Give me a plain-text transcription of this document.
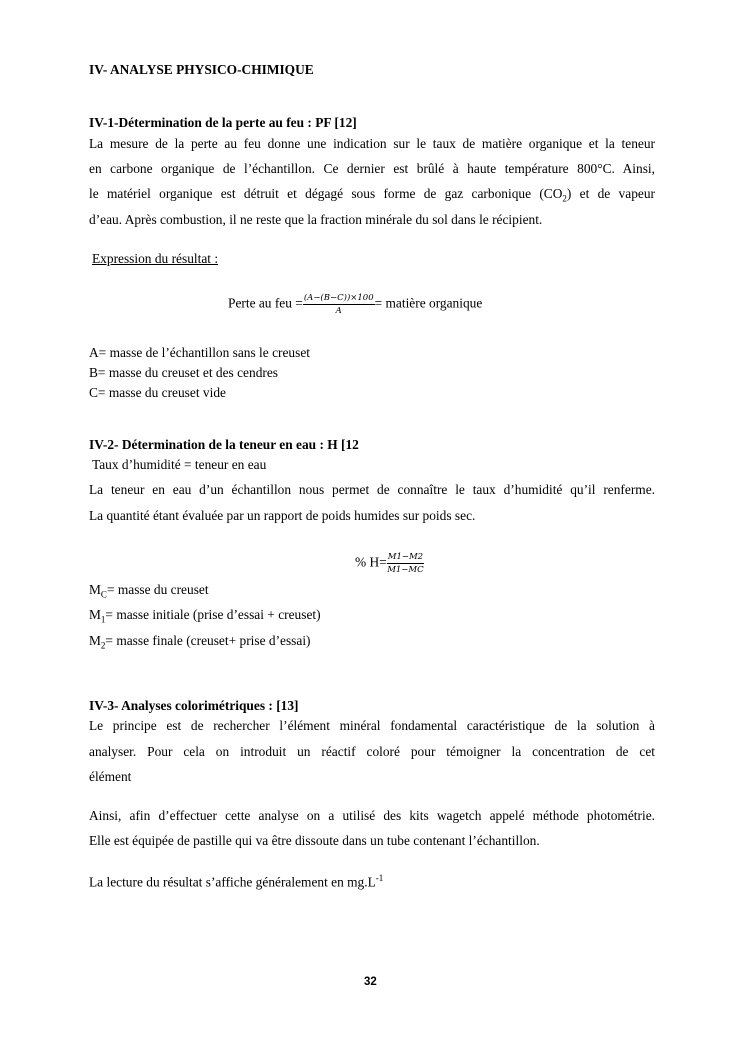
IV- ANALYSE PHYSICO-CHIMIQUE
IV-1-Détermination de la perte au feu : PF [12]
La mesure de la perte au feu donne une indication sur le taux de matière organique et la teneur
en carbone organique de l’échantillon. Ce dernier est brûlé à haute température 800°C. Ainsi,
le matériel organique est détruit et dégagé sous forme de gaz carbonique $(CO_2)$ et de vapeur
d’eau. Après combustion, il ne reste que la fraction minérale du sol dans le récipient.
Expression du résultat :
Perte au feu = $\frac{(A-(B-C))\times 100}{A}$ = matière organique
A= masse de l’échantillon sans le creuset
B= masse du creuset et des cendres
C= masse du creuset vide
IV-2- Détermination de la teneur en eau : H [12
Taux d’humidité = teneur en eau
La teneur en eau d’un échantillon nous permet de connaître le taux d’humidité qu’il renferme.
La quantité étant évaluée par un rapport de poids humides sur poids sec.
% $H= \frac{M1-M2}{M1-MC}$
$M_C=$ masse du creuset
$M_1=$ masse initiale (prise d’essai + creuset)
$M_2=$ masse finale (creuset+ prise d’essai)
IV-3- Analyses colorimétriques : [13]
Le principe est de rechercher l’élément minéral fondamental caractéristique de la solution à
analyser. Pour cela on introduit un réactif coloré pour témoigner la concentration de cet
élément
Ainsi, afin d’effectuer cette analyse on a utilisé des kits wagetch appelé méthode photométrie.
Elle est équipée de pastille qui va être dissoute dans un tube contenant l’échantillon.
La lecture du résultat s’affiche généralement en $mg.L^{-1}$
32
